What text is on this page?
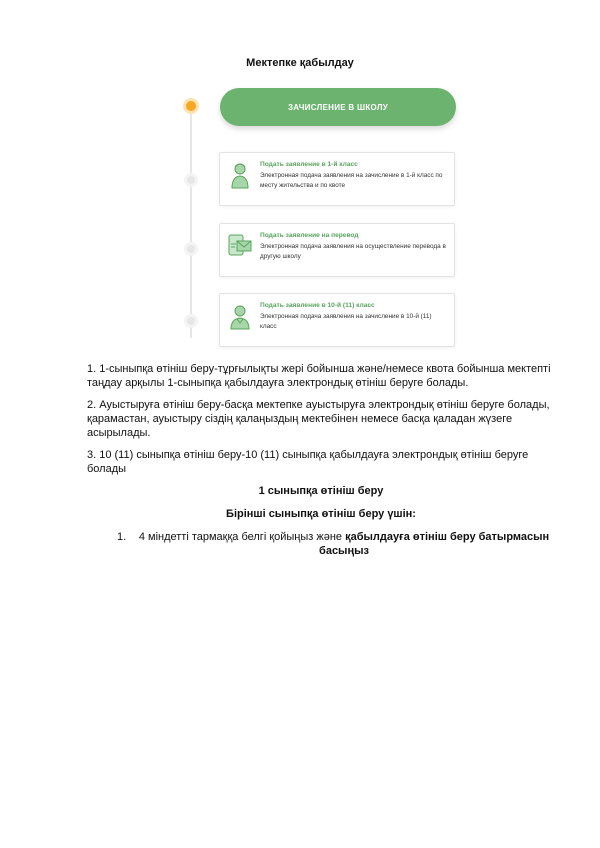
Мектепке қабылдау
ЗАЧИСЛЕНИЕ В ШКОЛУ
Подать заявление в 1-й класс
Электронная подача заявления на зачисление в 1-й класс по месту жительства и по квоте
Подать заявление на перевод
Электронная подача заявления на осуществление перевода в другую школу
Подать заявление в 10-й (11) класс
Электронная подача заявления на зачисление в 10-й (11) класс

1. 1-сыныпқа өтініш беру-тұрғылықты жері бойынша және/немесе квота бойынша мектепті таңдау арқылы 1-сыныпқа қабылдауға электрондық өтініш беруге болады.

2. Ауыстыруға өтініш беру-басқа мектепке ауыстыруға электрондық өтініш беруге болады, қарамастан, ауыстыру сіздің қалаңыздың мектебінен немесе басқа қаладан жүзеге асырылады.

3. 10 (11) сыныпқа өтініш беру-10 (11) сыныпқа қабылдауға электрондық өтініш беруге болады

1 сыныпқа өтініш беру
Бірінші сыныпқа өтініш беру үшін:
1.	4 міндетті тармаққа белгі қойыңыз және қабылдауға өтініш беру батырмасын басыңыз
